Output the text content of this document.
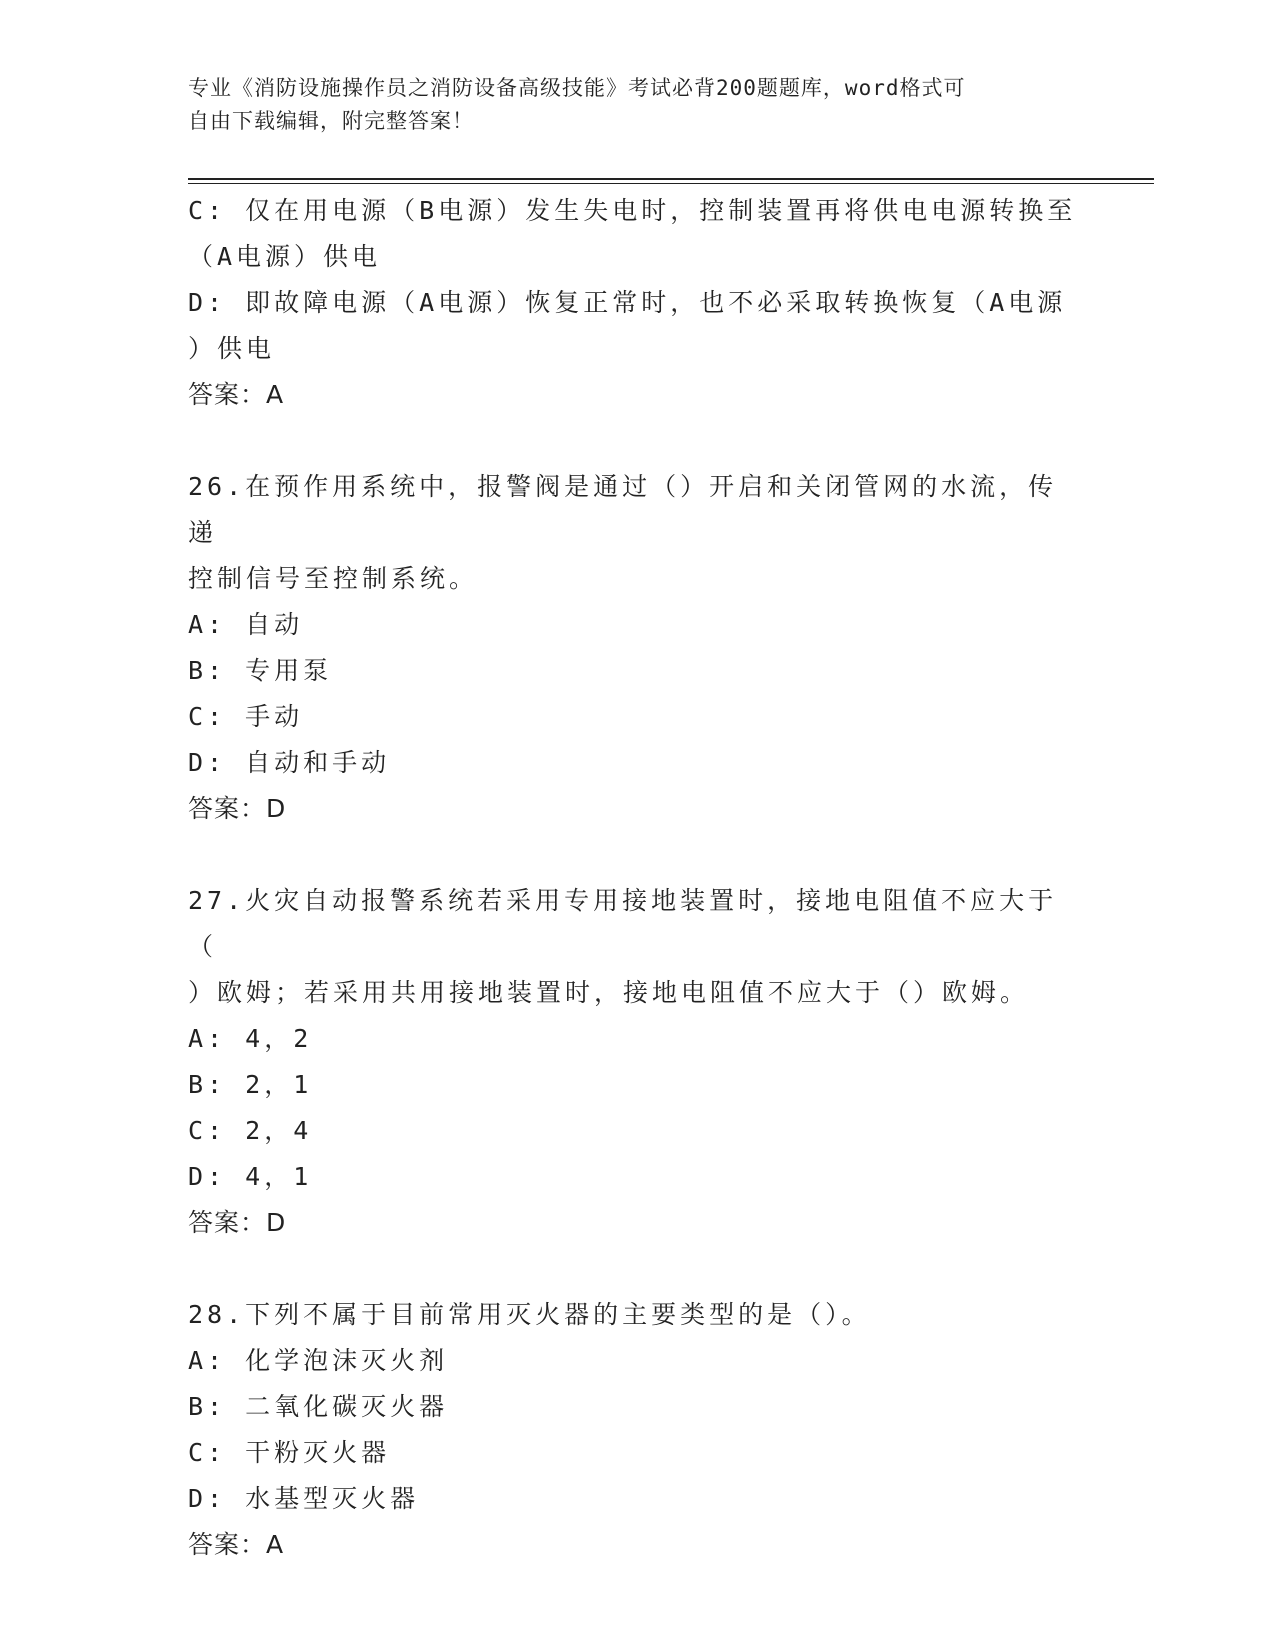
专业《消防设施操作员之消防设备高级技能》考试必背200题题库，word格式可
自由下载编辑，附完整答案！
C: 仅在用电源（B电源）发生失电时，控制装置再将供电电源转换至
（A电源）供电
D: 即故障电源（A电源）恢复正常时，也不必采取转换恢复（A电源
）供电
答案：A
26.在预作用系统中，报警阀是通过（）开启和关闭管网的水流，传递
控制信号至控制系统。
A: 自动
B: 专用泵
C: 手动
D: 自动和手动
答案：D
27.火灾自动报警系统若采用专用接地装置时，接地电阻值不应大于（
）欧姆；若采用共用接地装置时，接地电阻值不应大于（）欧姆。
A: 4，2
B: 2，1
C: 2，4
D: 4，1
答案：D
28.下列不属于目前常用灭火器的主要类型的是（）。
A: 化学泡沫灭火剂
B: 二氧化碳灭火器
C: 干粉灭火器
D: 水基型灭火器
答案：A
